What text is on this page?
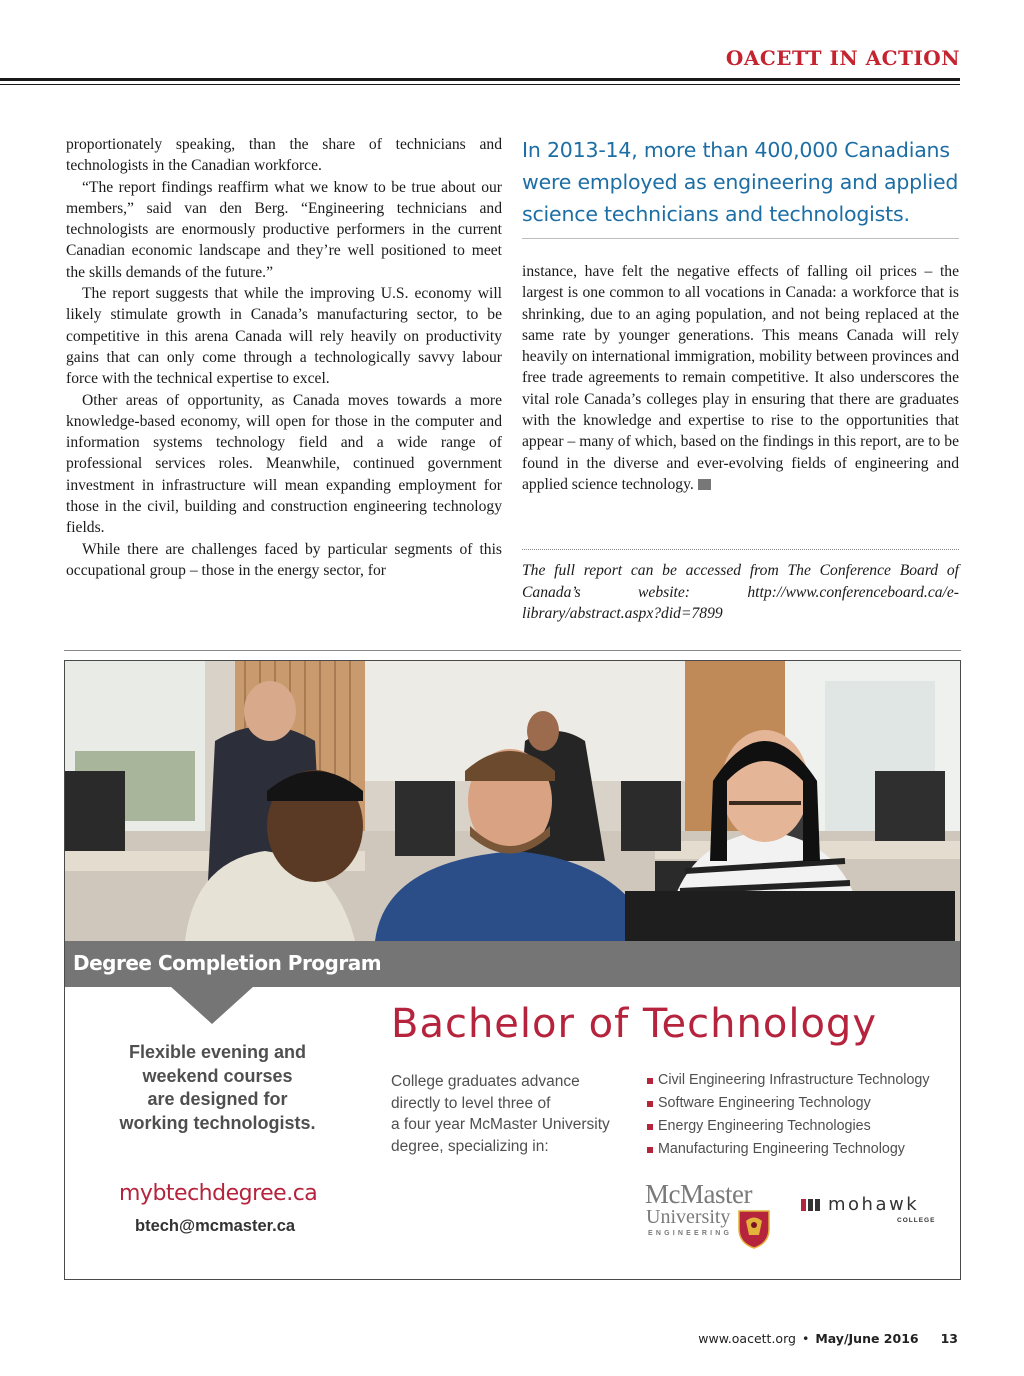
OACETT IN ACTION

proportionately speaking, than the share of technicians and technologists in the Canadian workforce.

“The report findings reaffirm what we know to be true about our members,” said van den Berg. “Engineering technicians and technologists are enormously productive performers in the current Canadian economic landscape and they’re well positioned to meet the skills demands of the future.”

The report suggests that while the improving U.S. economy will likely stimulate growth in Canada’s manufacturing sector, to be competitive in this arena Canada will rely heavily on productivity gains that can only come through a technologically savvy labour force with the technical expertise to excel.

Other areas of opportunity, as Canada moves towards a more knowledge-based economy, will open for those in the computer and information systems technology field and a wide range of professional services roles. Meanwhile, continued government investment in infrastructure will mean expanding employment for those in the civil, building and construction engineering technology fields.

While there are challenges faced by particular segments of this occupational group – those in the energy sector, for

In 2013-14, more than 400,000 Canadians were employed as engineering and applied science technicians and technologists.

instance, have felt the negative effects of falling oil prices – the largest is one common to all vocations in Canada: a workforce that is shrinking, due to an aging population, and not being replaced at the same rate by younger generations. This means Canada will rely heavily on international immigration, mobility between provinces and free trade agreements to remain competitive. It also underscores the vital role Canada’s colleges play in ensuring that there are graduates with the knowledge and expertise to rise to the opportunities that appear – many of which, based on the findings in this report, are to be found in the diverse and ever-evolving fields of engineering and applied science technology.

The full report can be accessed from The Conference Board of Canada’s website: http://www.conferenceboard.ca/e-library/abstract.aspx?did=7899
Degree Completion Program
Bachelor of Technology
Flexible evening and
weekend courses
are designed for
working technologists.
College graduates advance
directly to level three of
a four year McMaster University
degree, specializing in:
Civil Engineering Infrastructure Technology
Software Engineering Technology
Energy Engineering Technologies
Manufacturing Engineering Technology
mybtechdegree.ca
btech@mcmaster.ca
McMaster
University
ENGINEERING
mohawk
COLLEGE
www.oacett.org • May/June 2016 13
